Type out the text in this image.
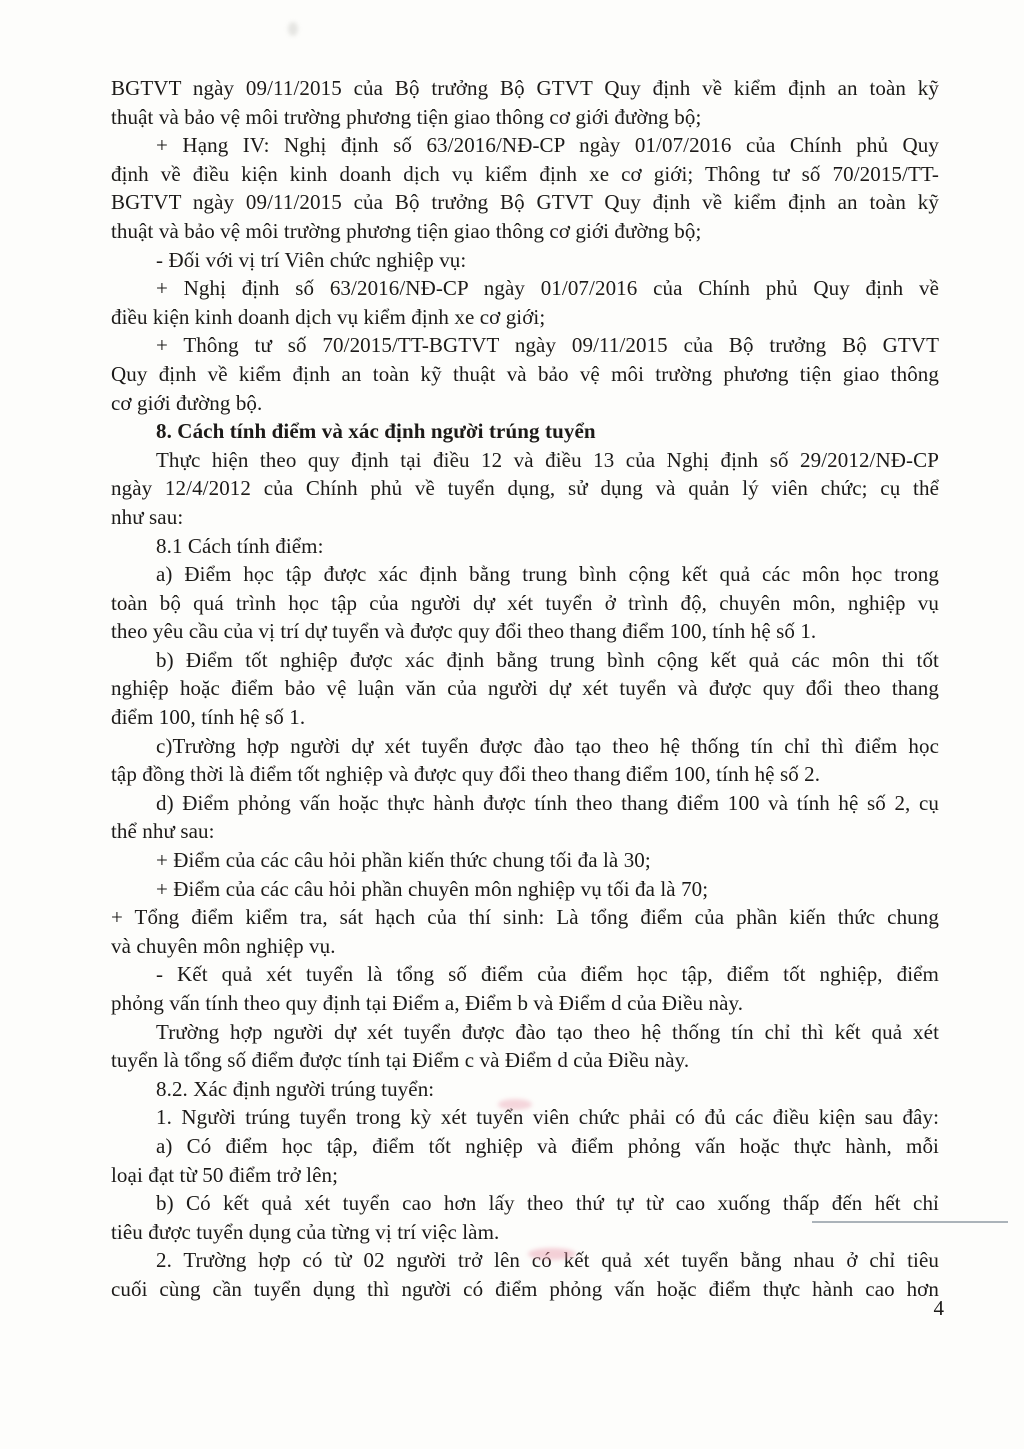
BGTVT ngày 09/11/2015 của Bộ trưởng Bộ GTVT Quy định về kiểm định an toàn kỹ

thuật và bảo vệ môi trường phương tiện giao thông cơ giới đường bộ;

+ Hạng IV: Nghị định số 63/2016/NĐ-CP ngày 01/07/2016 của Chính phủ Quy

định về điều kiện kinh doanh dịch vụ kiểm định xe cơ giới; Thông tư số 70/2015/TT-

BGTVT ngày 09/11/2015 của Bộ trưởng Bộ GTVT Quy định về kiểm định an toàn kỹ

thuật và bảo vệ môi trường phương tiện giao thông cơ giới đường bộ;

- Đối với vị trí Viên chức nghiệp vụ:

+ Nghị định số 63/2016/NĐ-CP ngày 01/07/2016 của Chính phủ Quy định về

điều kiện kinh doanh dịch vụ kiểm định xe cơ giới;

+ Thông tư số 70/2015/TT-BGTVT ngày 09/11/2015 của Bộ trưởng Bộ GTVT

Quy định về kiểm định an toàn kỹ thuật và bảo vệ môi trường phương tiện giao thông

cơ giới đường bộ.

8. Cách tính điểm và xác định người trúng tuyển

Thực hiện theo quy định tại điều 12 và điều 13 của Nghị định số 29/2012/NĐ-CP

ngày 12/4/2012 của Chính phủ về tuyển dụng, sử dụng và quản lý viên chức; cụ thể

như sau:

8.1 Cách tính điểm:

a) Điểm học tập được xác định bằng trung bình cộng kết quả các môn học trong

toàn bộ quá trình học tập của người dự xét tuyển ở trình độ, chuyên môn, nghiệp vụ

theo yêu cầu của vị trí dự tuyển và được quy đổi theo thang điểm 100, tính hệ số 1.

b) Điểm tốt nghiệp được xác định bằng trung bình cộng kết quả các môn thi tốt

nghiệp hoặc điểm bảo vệ luận văn của người dự xét tuyển và được quy đổi theo thang

điểm 100, tính hệ số 1.

c)Trường hợp người dự xét tuyển được đào tạo theo hệ thống tín chỉ thì điểm học

tập đồng thời là điểm tốt nghiệp và được quy đổi theo thang điểm 100, tính hệ số 2.

d) Điểm phỏng vấn hoặc thực hành được tính theo thang điểm 100 và tính hệ số 2, cụ

thể như sau:

+ Điểm của các câu hỏi phần kiến thức chung tối đa là 30;

+ Điểm của các câu hỏi phần chuyên môn nghiệp vụ tối đa là 70;

+ Tổng điểm kiểm tra, sát hạch của thí sinh: Là tổng điểm của phần kiến thức chung

và chuyên môn nghiệp vụ.

- Kết quả xét tuyển là tổng số điểm của điểm học tập, điểm tốt nghiệp, điểm

phỏng vấn tính theo quy định tại Điểm a, Điểm b và Điểm d của Điều này.

Trường hợp người dự xét tuyển được đào tạo theo hệ thống tín chỉ thì kết quả xét

tuyển là tổng số điểm được tính tại Điểm c và Điểm d của Điều này.

8.2. Xác định người trúng tuyển:

1. Người trúng tuyển trong kỳ xét tuyển viên chức phải có đủ các điều kiện sau đây:

a) Có điểm học tập, điểm tốt nghiệp và điểm phỏng vấn hoặc thực hành, mỗi

loại đạt từ 50 điểm trở lên;

b) Có kết quả xét tuyển cao hơn lấy theo thứ tự từ cao xuống thấp đến hết chỉ

tiêu được tuyển dụng của từng vị trí việc làm.

2. Trường hợp có từ 02 người trở lên có kết quả xét tuyển bằng nhau ở chỉ tiêu

cuối cùng cần tuyển dụng thì người có điểm phỏng vấn hoặc điểm thực hành cao hơn

4
